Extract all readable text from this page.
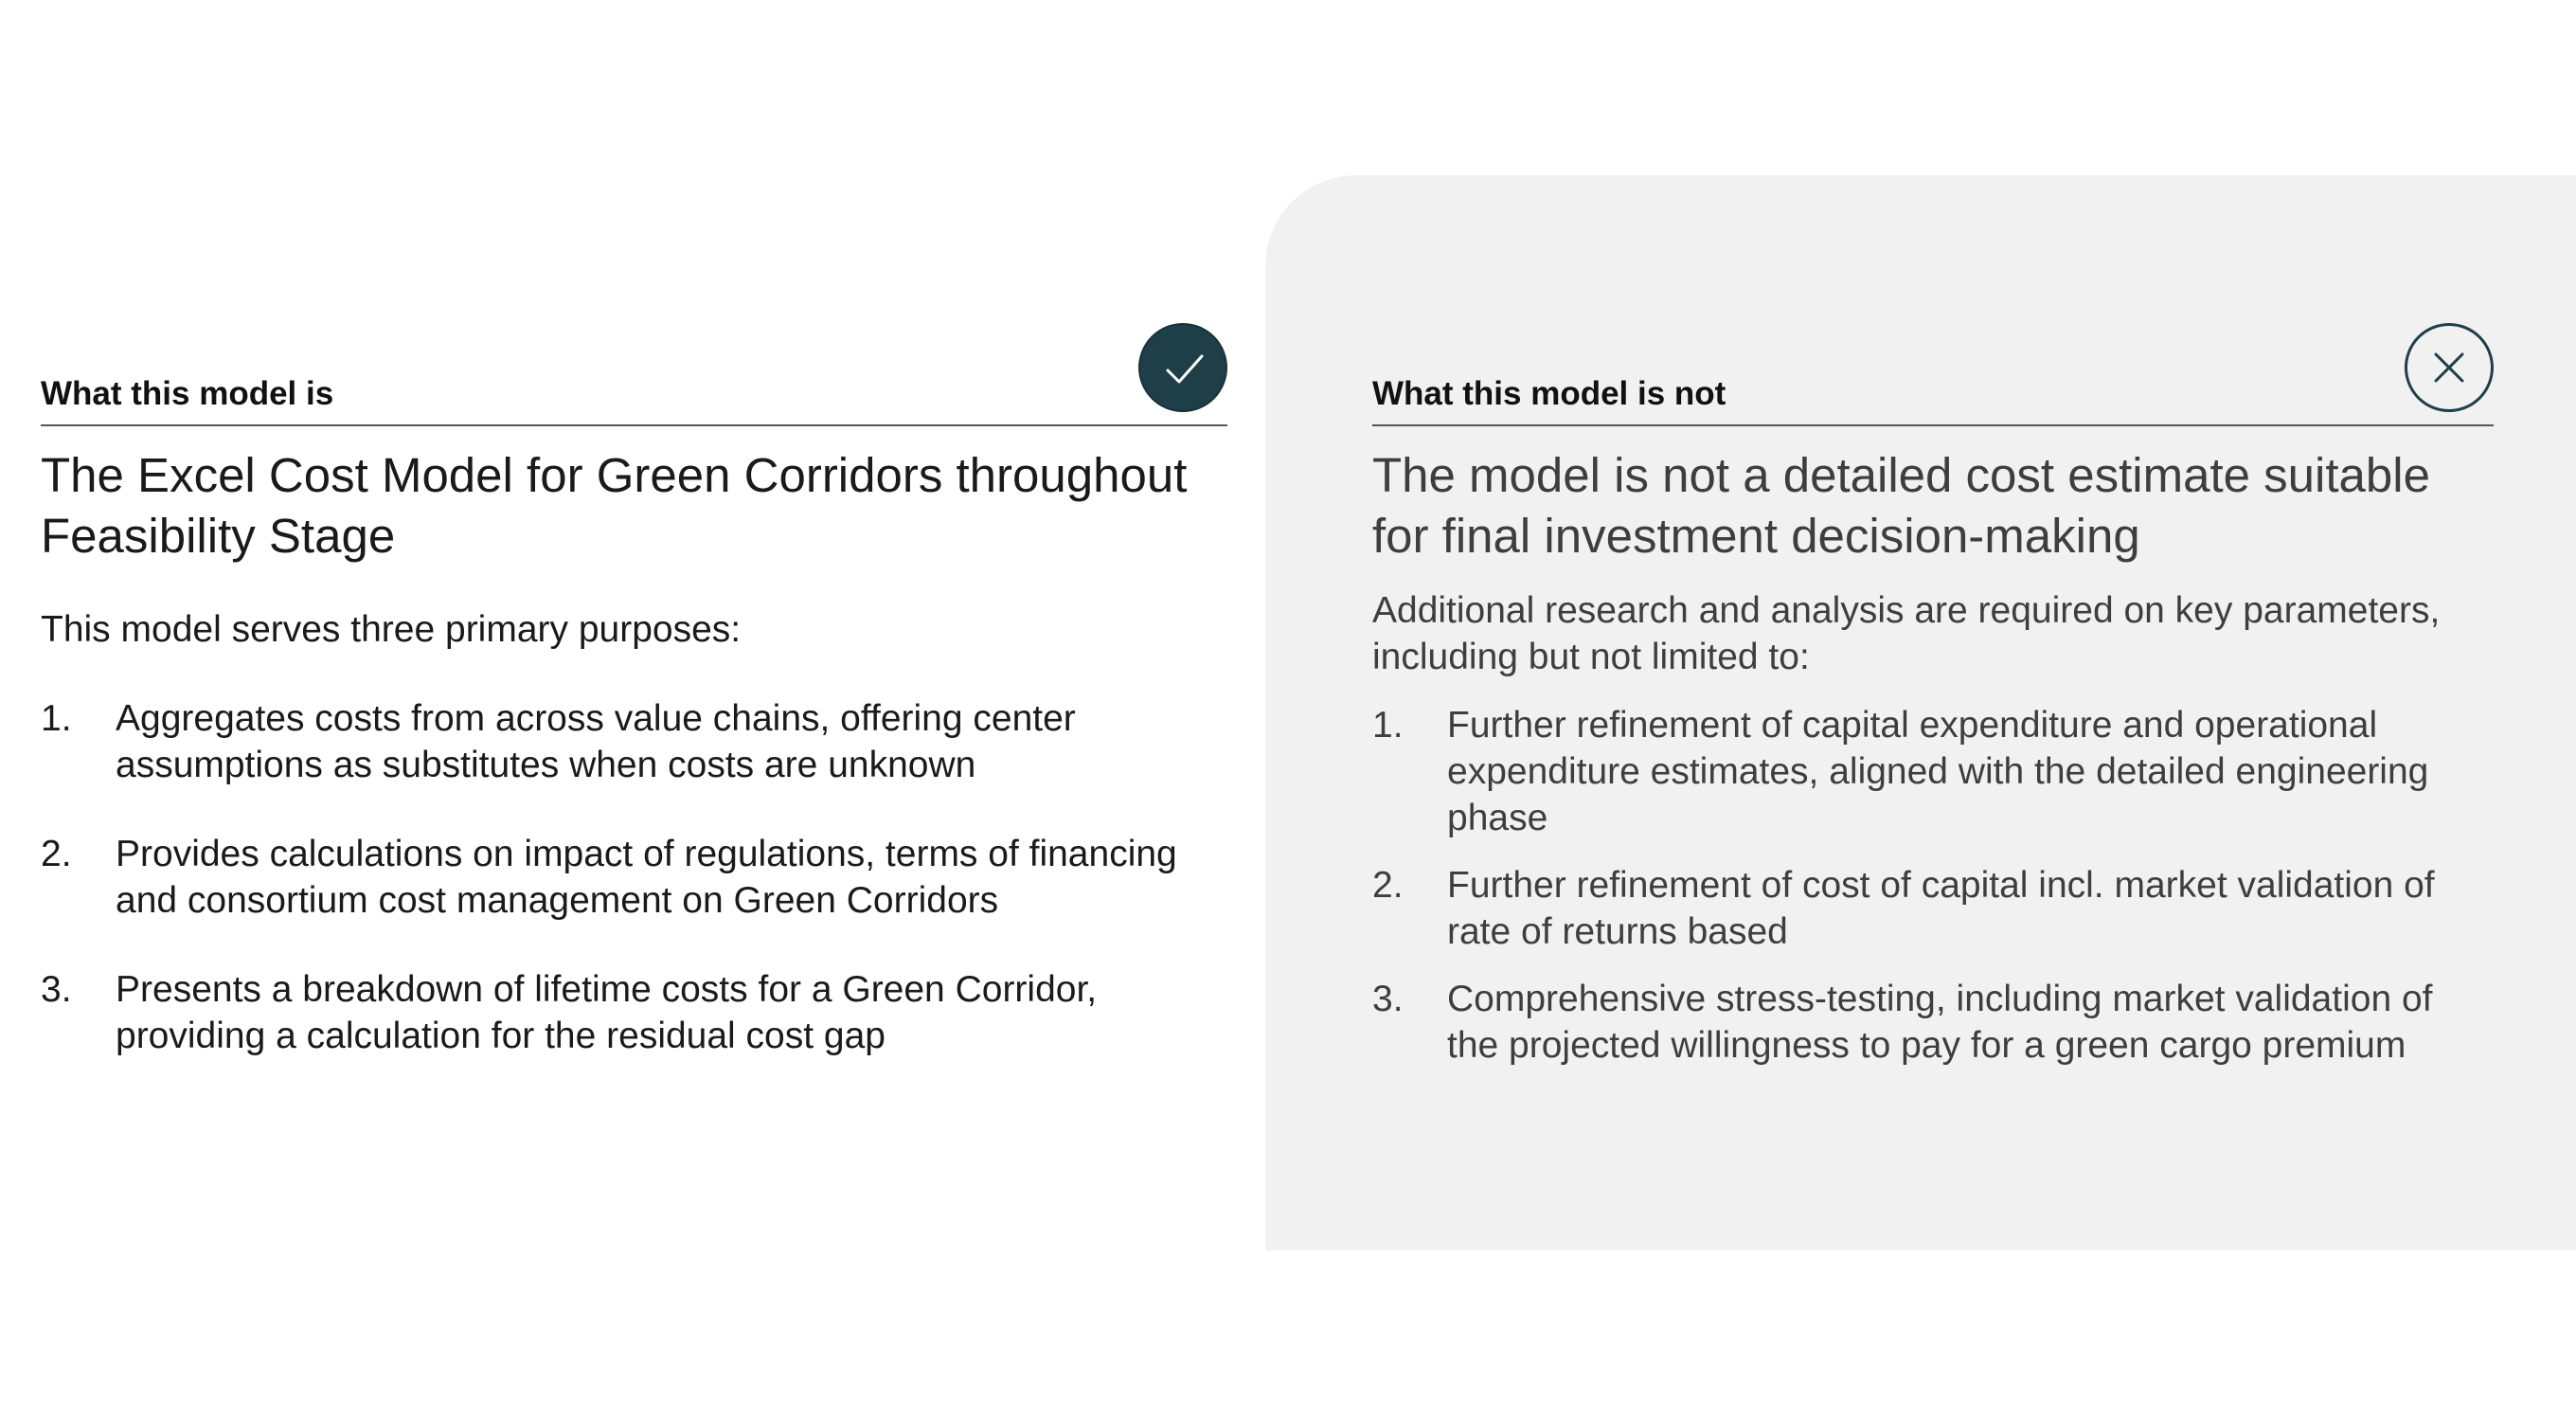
What this model is

The Excel Cost Model for Green Corridors throughout Feasibility Stage

This model serves three primary purposes:

1. Aggregates costs from across value chains, offering center assumptions as substitutes when costs are unknown
2. Provides calculations on impact of regulations, terms of financing and consortium cost management on Green Corridors
3. Presents a breakdown of lifetime costs for a Green Corridor, providing a calculation for the residual cost gap

What this model is not

The model is not a detailed cost estimate suitable for final investment decision-making

Additional research and analysis are required on key parameters, including but not limited to:

1. Further refinement of capital expenditure and operational expenditure estimates, aligned with the detailed engineering phase
2. Further refinement of cost of capital incl. market validation of rate of returns based
3. Comprehensive stress-testing, including market validation of the projected willingness to pay for a green cargo premium
